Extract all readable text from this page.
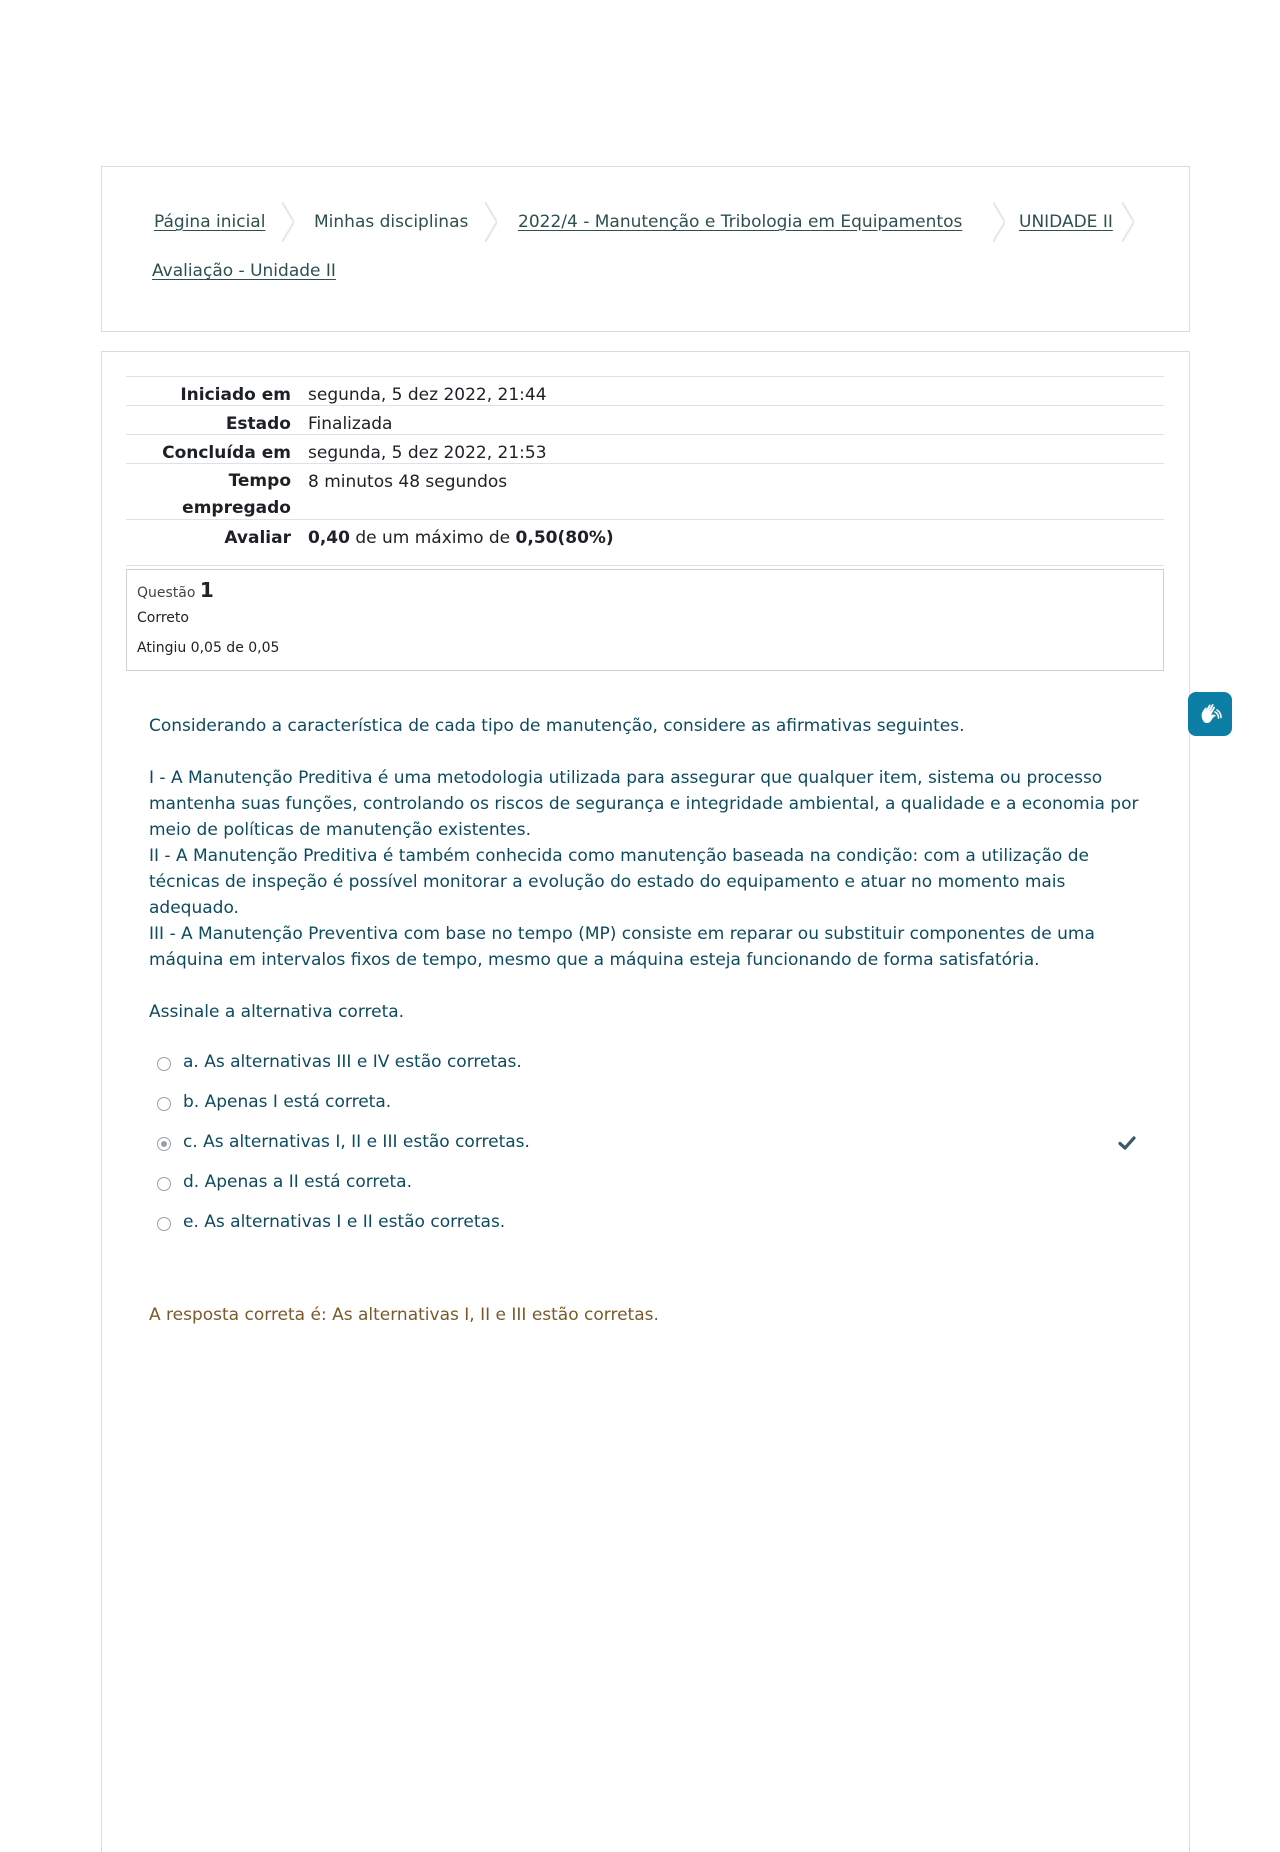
Página inicial	Minhas disciplinas	2022/4 - Manutenção e Tribologia em Equipamentos	UNIDADE II
Avaliação - Unidade II
Iniciado em segunda, 5 dez 2022, 21:44
Estado Finalizada
Concluída em segunda, 5 dez 2022, 21:53
Tempo
empregado
8 minutos 48 segundos
Avaliar 0,40 de um máximo de 0,50(80%)
Questão 1
Correto
Atingiu 0,05 de 0,05

Considerando a característica de cada tipo de manutenção, considere as afirmativas seguintes.

I - A Manutenção Preditiva é uma metodologia utilizada para assegurar que qualquer item, sistema ou processo mantenha suas funções, controlando os riscos de segurança e integridade ambiental, a qualidade e a economia por meio de políticas de manutenção existentes.

II - A Manutenção Preditiva é também conhecida como manutenção baseada na condição: com a utilização de técnicas de inspeção é possível monitorar a evolução do estado do equipamento e atuar no momento mais adequado.

III - A Manutenção Preventiva com base no tempo (MP) consiste em reparar ou substituir componentes de uma máquina em intervalos fixos de tempo, mesmo que a máquina esteja funcionando de forma satisfatória.

Assinale a alternativa correta.

a. As alternativas III e IV estão corretas.
b. Apenas I está correta.
c. As alternativas I, II e III estão corretas.
d. Apenas a II está correta.
e. As alternativas I e II estão corretas.
A resposta correta é: As alternativas I, II e III estão corretas.
